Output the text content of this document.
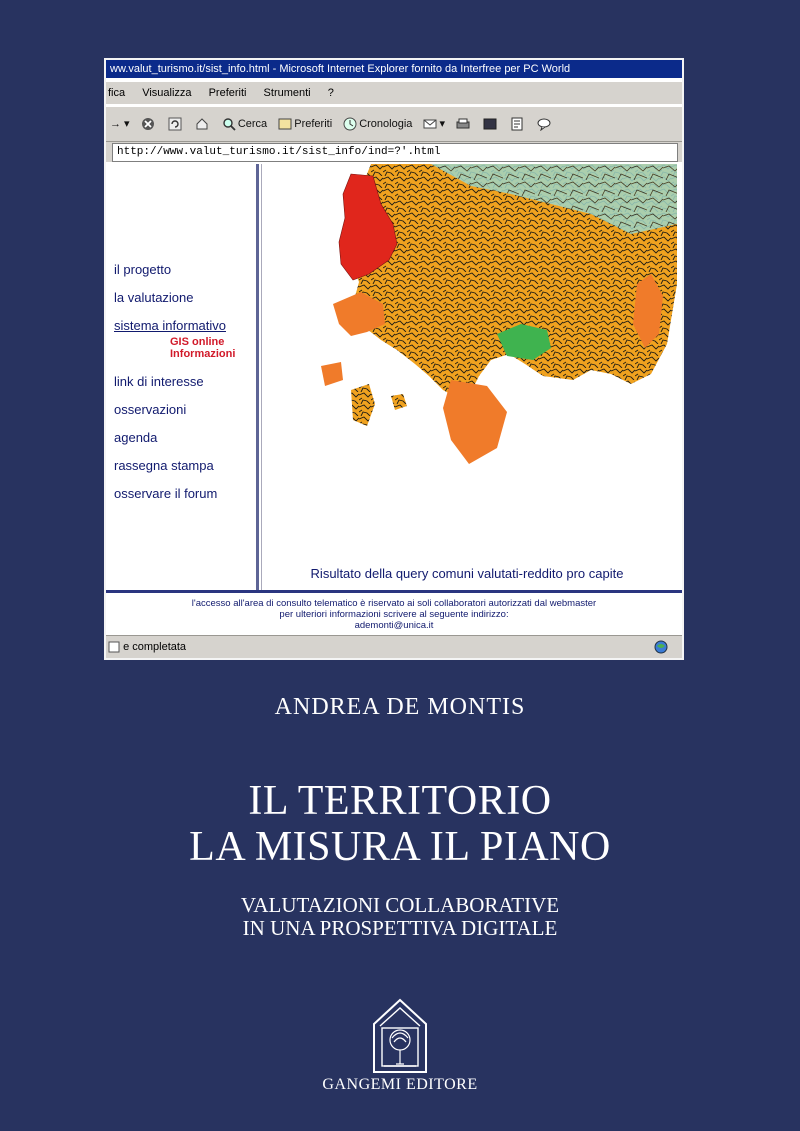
ww.valut_turismo.it/sist_info.html - Microsoft Internet Explorer fornito da Interfree per PC World
fica Visualizza Preferiti Strumenti ?
→ ▾	Cerca Preferiti Cronologia ▾
http://www.valut_turismo.it/sist_info/ind=?'.html
il progetto
la valutazione
sistema informativo
GIS online
Informazioni
link di interesse
osservazioni
agenda
rassegna stampa
osservare il forum
Risultato della query comuni valutati-reddito pro capite
l'accesso all'area di consulto telematico è riservato ai soli collaboratori autorizzati dal webmaster
per ulteriori informazioni scrivere al seguente indirizzo:
ademonti@unica.it
e completata
ANDREA DE MONTIS
IL TERRITORIO
LA MISURA IL PIANO
VALUTAZIONI COLLABORATIVE
IN UNA PROSPETTIVA DIGITALE
GANGEMI EDITORE
